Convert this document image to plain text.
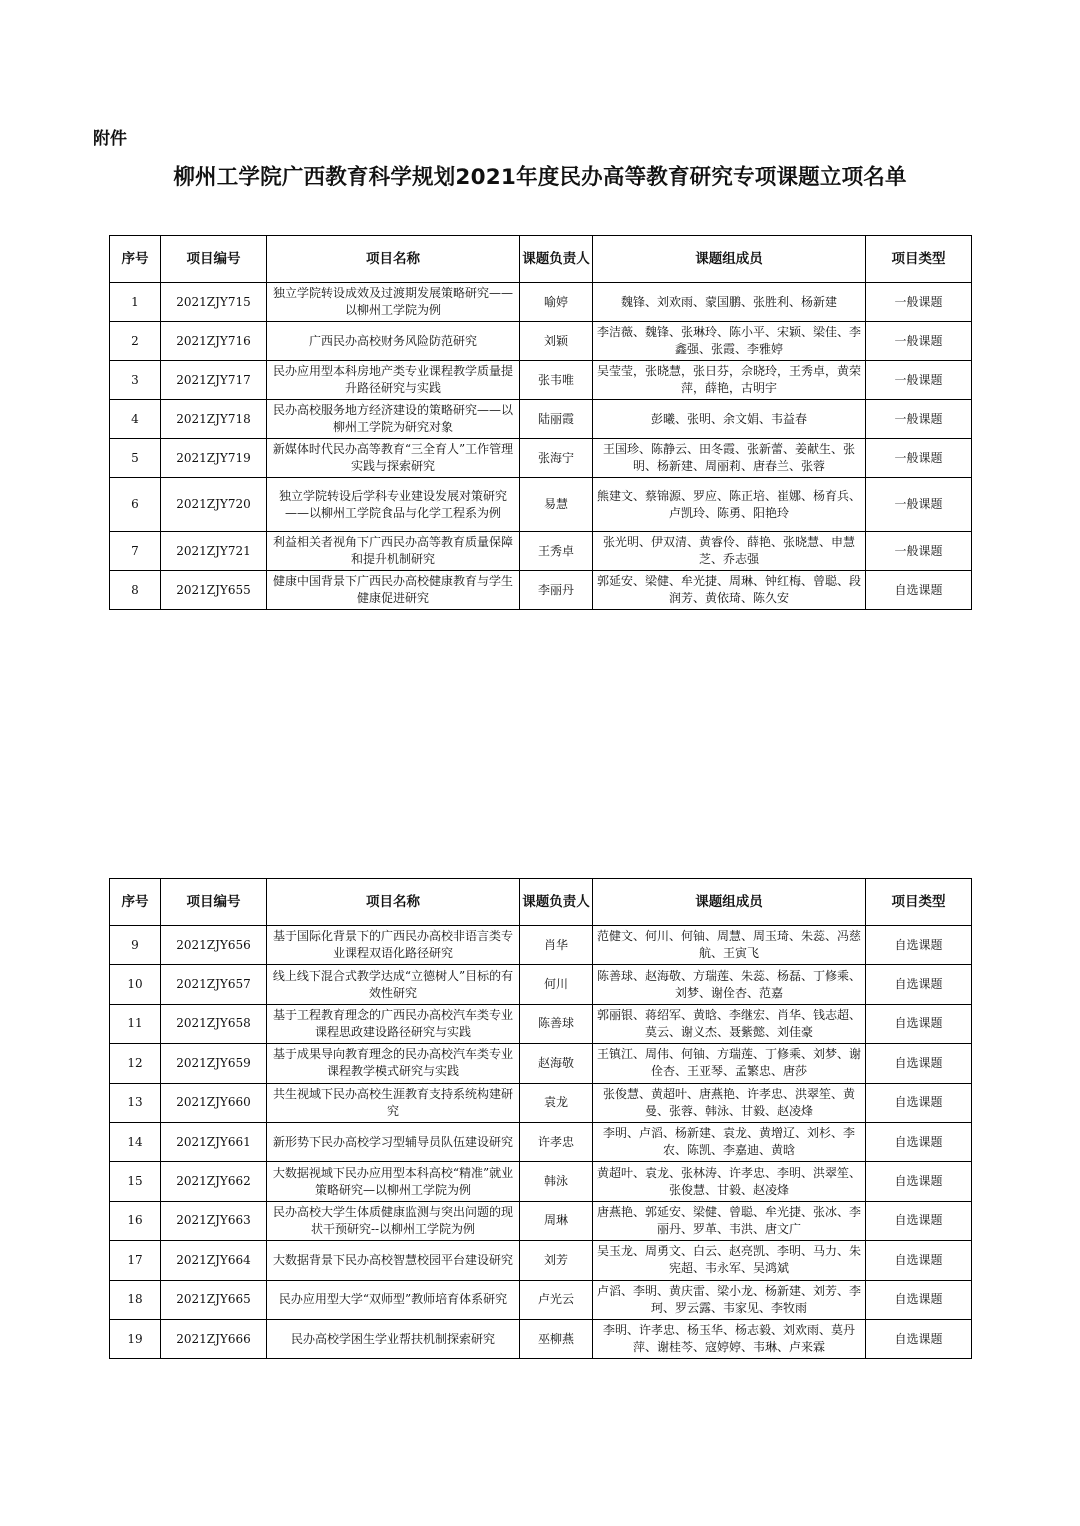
附件
柳州工学院广西教育科学规划2021年度民办高等教育研究专项课题立项名单
序号	项目编号	项目名称	课题负责人	课题组成员	项目类型
1	2021ZJY715	独立学院转设成效及过渡期发展策略研究——以柳州工学院为例	喻婷	魏锋、刘欢雨、蒙国鹏、张胜利、杨新建	一般课题
2	2021ZJY716	广西民办高校财务风险防范研究	刘颖	李洁薇、魏锋、张琳玲、陈小平、宋颖、梁佳、李鑫强、张霞、李雅婷	一般课题
3	2021ZJY717	民办应用型本科房地产类专业课程教学质量提升路径研究与实践	张韦唯	吴莹莹，张晓慧，张日芬，佘晓玲，王秀卓，黄荣萍，薛艳，古明宇	一般课题
4	2021ZJY718	民办高校服务地方经济建设的策略研究——以柳州工学院为研究对象	陆丽霞	彭曦、张明、余文娟、韦益春	一般课题
5	2021ZJY719	新媒体时代民办高等教育“三全育人”工作管理实践与探索研究	张海宁	王国珍、陈静云、田冬霞、张新蕾、姜献生、张明、杨新建、周丽莉、唐春兰、张蓉	一般课题
6	2021ZJY720	独立学院转设后学科专业建设发展对策研究——以柳州工学院食品与化学工程系为例	易慧	熊建文、蔡锦源、罗应、陈正培、崔娜、杨育兵、卢凯玲、陈勇、阳艳玲	一般课题
7	2021ZJY721	利益相关者视角下广西民办高等教育质量保障和提升机制研究	王秀卓	张光明、伊双清、黄睿伶、薛艳、张晓慧、申慧芝、乔志强	一般课题
8	2021ZJY655	健康中国背景下广西民办高校健康教育与学生健康促进研究	李丽丹	郭延安、梁健、牟光捷、周琳、钟红梅、曾聪、段润芳、黄依琦、陈久安	自选课题
序号	项目编号	项目名称	课题负责人	课题组成员	项目类型
9	2021ZJY656	基于国际化背景下的广西民办高校非语言类专业课程双语化路径研究	肖华	范健文、何川、何铀、周慧、周玉琦、朱蕊、冯慈航、王寅飞	自选课题
10	2021ZJY657	线上线下混合式教学达成“立德树人”目标的有效性研究	何川	陈善球、赵海敬、方瑞莲、朱蕊、杨磊、丁修乘、刘梦、谢佺杏、范嘉	自选课题
11	2021ZJY658	基于工程教育理念的广西民办高校汽车类专业课程思政建设路径研究与实践	陈善球	郭丽银、蒋绍军、黄晗、李继宏、肖华、钱志超、莫云、谢义杰、聂紫懿、刘佳豪	自选课题
12	2021ZJY659	基于成果导向教育理念的民办高校汽车类专业课程教学模式研究与实践	赵海敬	王镇江、周伟、何铀、方瑞莲、丁修乘、刘梦、谢佺杏、王亚琴、孟繁忠、唐莎	自选课题
13	2021ZJY660	共生视域下民办高校生涯教育支持系统构建研究	袁龙	张俊慧、黄超叶、唐燕艳、许孝忠、洪翠笙、黄曼、张蓉、韩泳、甘毅、赵凌烽	自选课题
14	2021ZJY661	新形势下民办高校学习型辅导员队伍建设研究	许孝忠	李明、卢滔、杨新建、袁龙、黄增辽、刘杉、李农、陈凯、李嘉迪、黄晗	自选课题
15	2021ZJY662	大数据视域下民办应用型本科高校“精准”就业策略研究—以柳州工学院为例	韩泳	黄超叶、袁龙、张林涛、许孝忠、李明、洪翠笙、张俊慧、甘毅、赵凌烽	自选课题
16	2021ZJY663	民办高校大学生体质健康监测与突出问题的现状干预研究--以柳州工学院为例	周琳	唐燕艳、郭延安、梁健、曾聪、牟光捷、张冰、李丽丹、罗革、韦洪、唐文广	自选课题
17	2021ZJY664	大数据背景下民办高校智慧校园平台建设研究	刘芳	吴玉龙、周勇文、白云、赵亮凯、李明、马力、朱宪超、韦永军、吴鸿斌	自选课题
18	2021ZJY665	民办应用型大学“双师型”教师培育体系研究	卢光云	卢滔、李明、黄庆雷、梁小龙、杨新建、刘芳、李珂、罗云露、韦家见、李牧雨	自选课题
19	2021ZJY666	民办高校学困生学业帮扶机制探索研究	巫柳燕	李明、许孝忠、杨玉华、杨志毅、刘欢雨、莫丹萍、谢桂芩、寇婷婷、韦琳、卢来霖	自选课题
